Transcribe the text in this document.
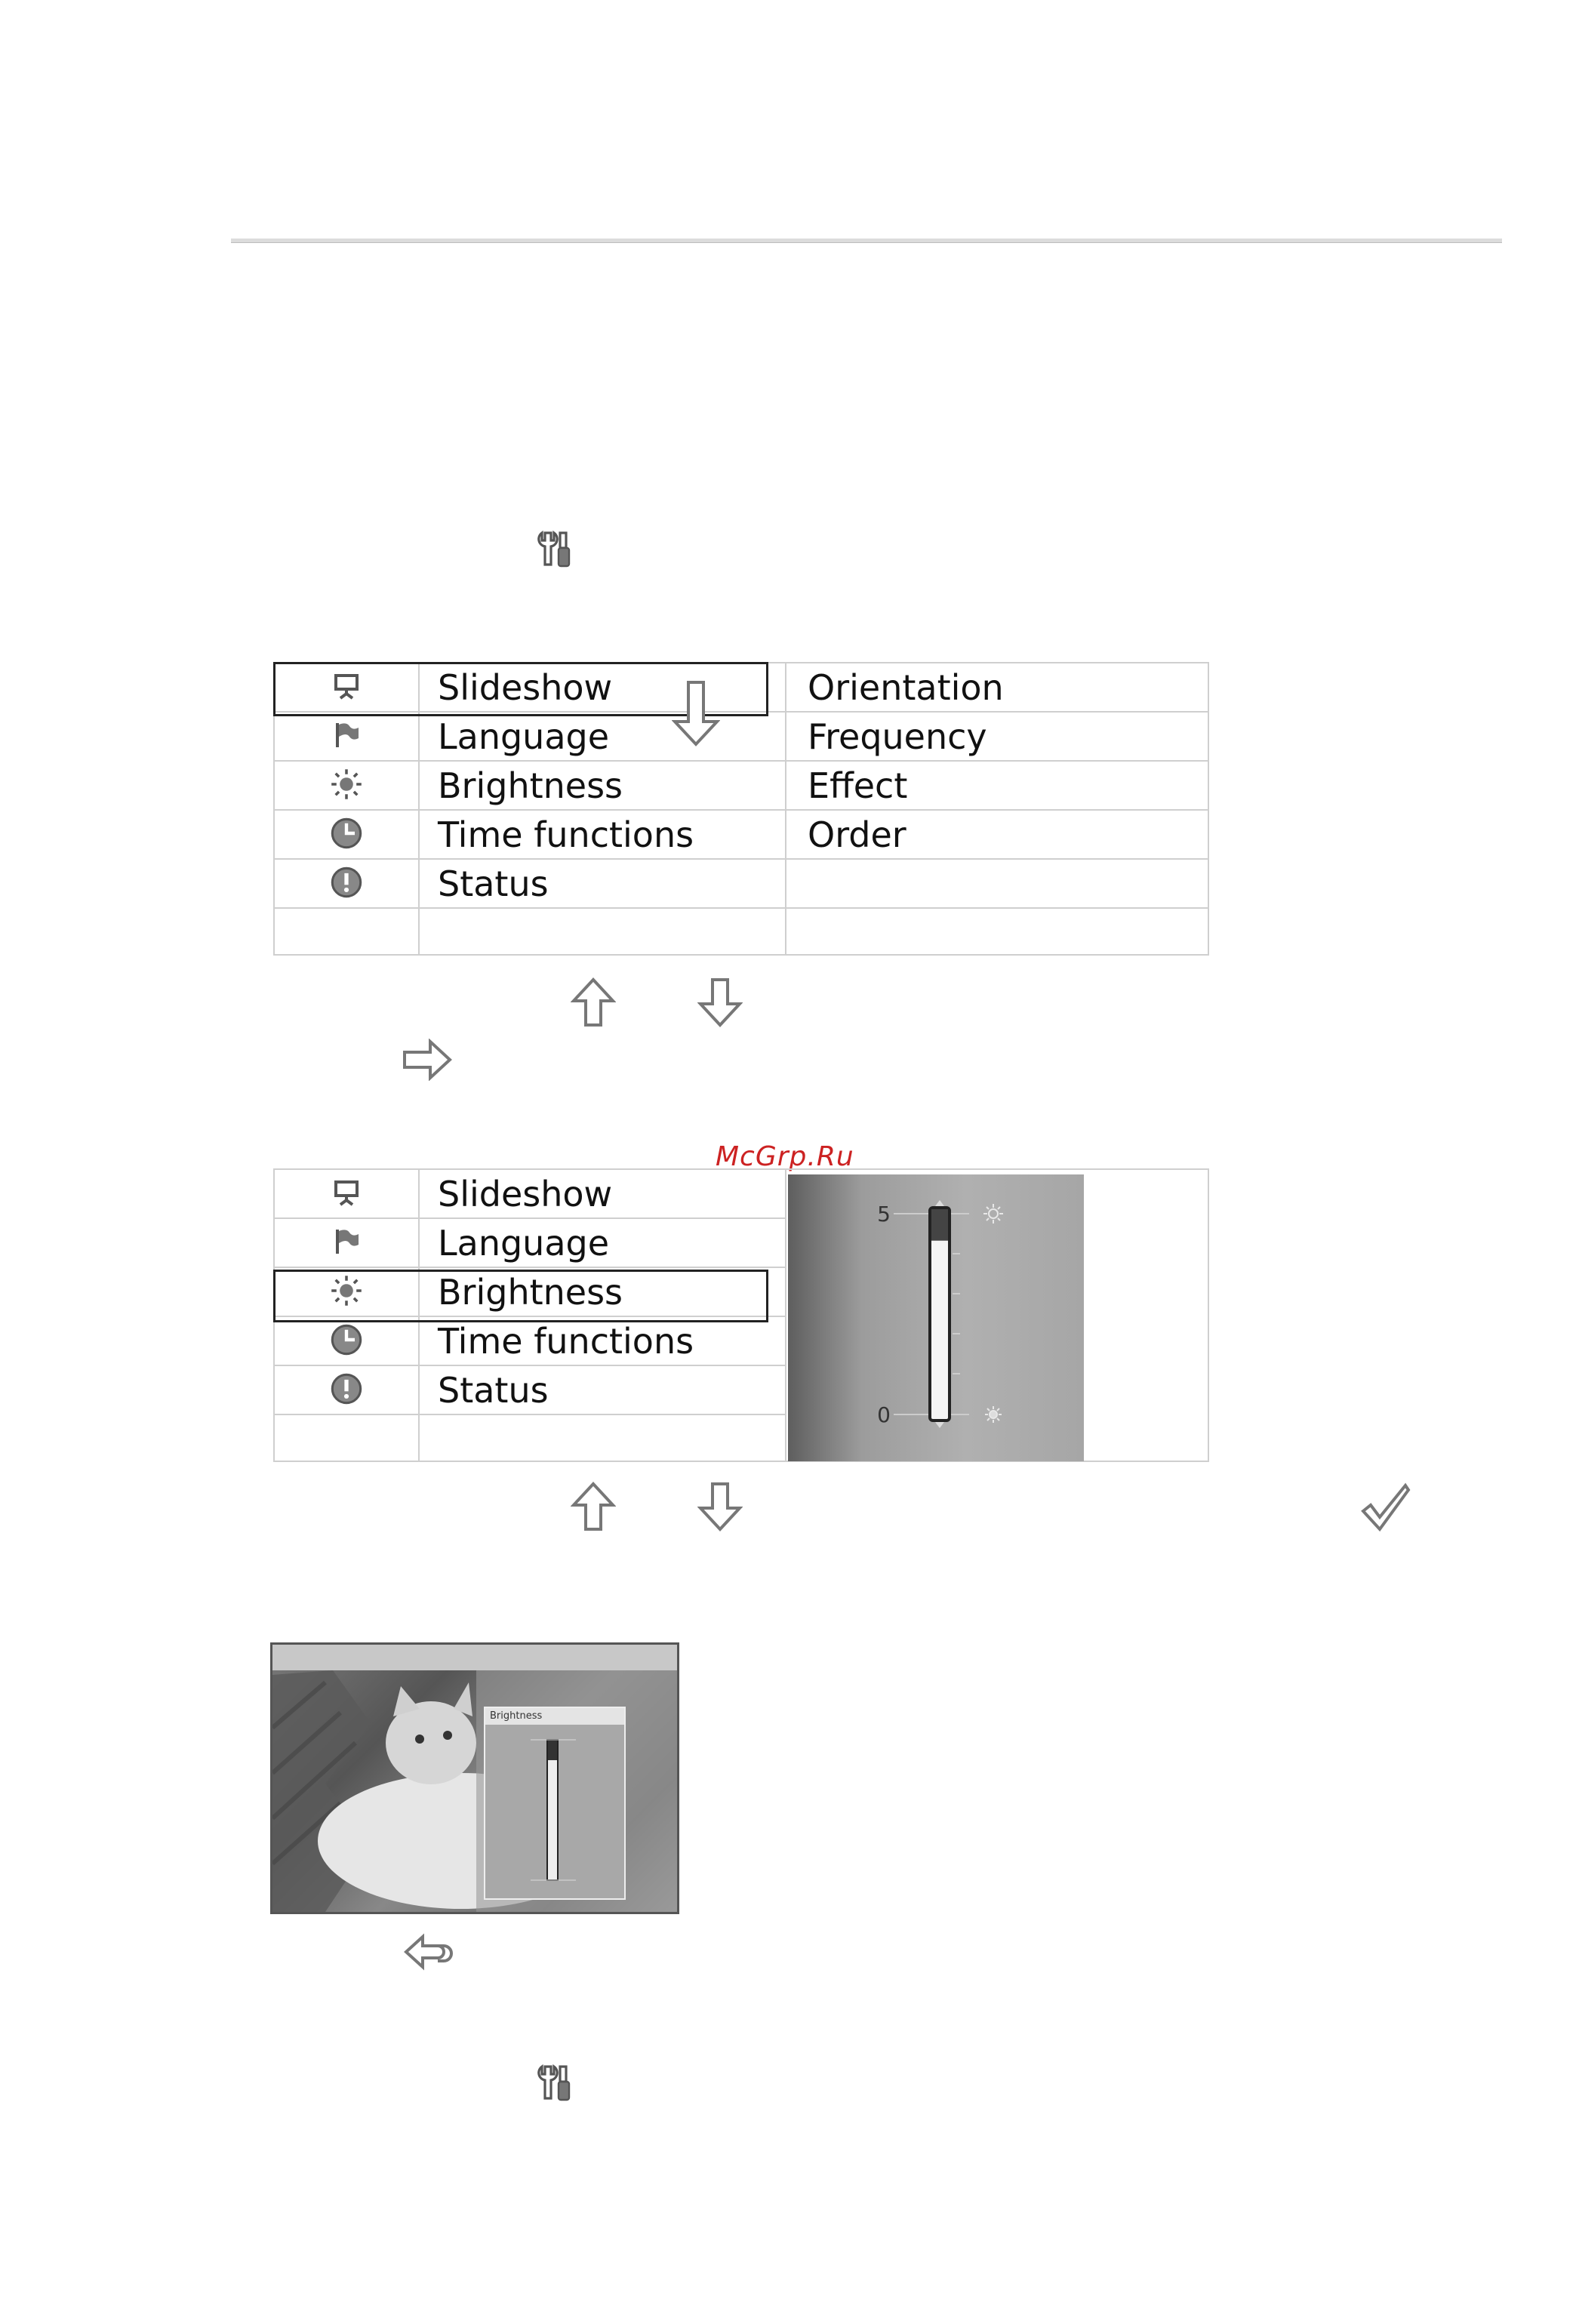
	Slideshow	Orientation
	Language	Frequency
	Brightness	Effect
	Time functions	Order
	Status	

McGrp.Ru
	Slideshow	
	Language	
	Brightness	
	Time functions	
	Status	

5
0
Brightness
